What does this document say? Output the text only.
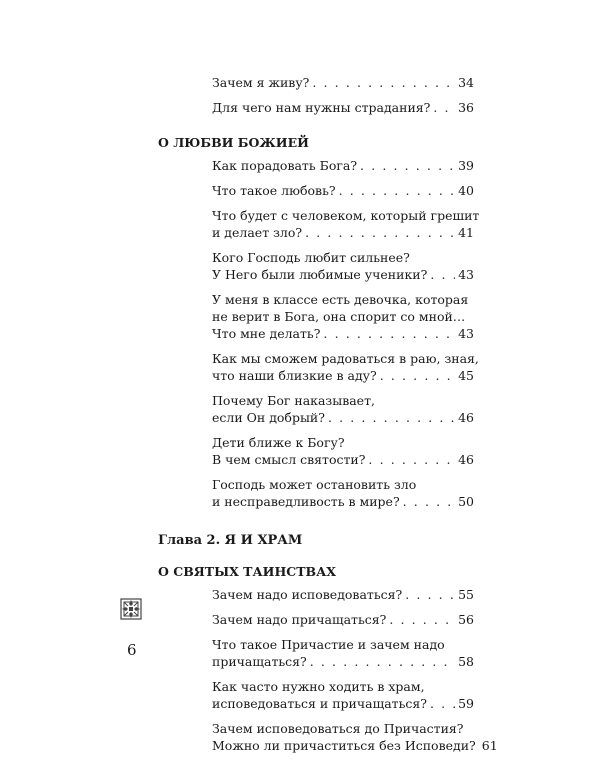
Зачем я живу? . . .	34
Для чего нам нужны страдания? . . . 36
О ЛЮБВИ БОЖИЕЙ
Как порадовать Бога? . . .	39
Что такое любовь? . . .	40
Что будет с человеком, который грешит
и делает зло? . . .	41
Кого Господь любит сильнее?
У Него были любимые ученики? . . . 43
У меня в классе есть девочка, которая
не верит в Бога, она спорит со мной…
Что мне делать? . . .	43
Как мы сможем радоваться в раю, зная,
что наши близкие в аду? . . .	45
Почему Бог наказывает,
если Он добрый? . . .	46
Дети ближе к Богу?
В чем смысл святости? . . .	46
Господь может остановить зло
и несправедливость в мире? . . .	50
Глава 2. Я И ХРАМ
О СВЯТЫХ ТАИНСТВАХ
Зачем надо исповедоваться? . . .	55
Зачем надо причащаться? . . .	56
Что такое Причастие и зачем надо
причащаться? . . .	58
Как часто нужно ходить в храм,
исповедоваться и причащаться? . . . 59
Зачем исповедоваться до Причастия?
Можно ли причаститься без Исповеди? 61
6
